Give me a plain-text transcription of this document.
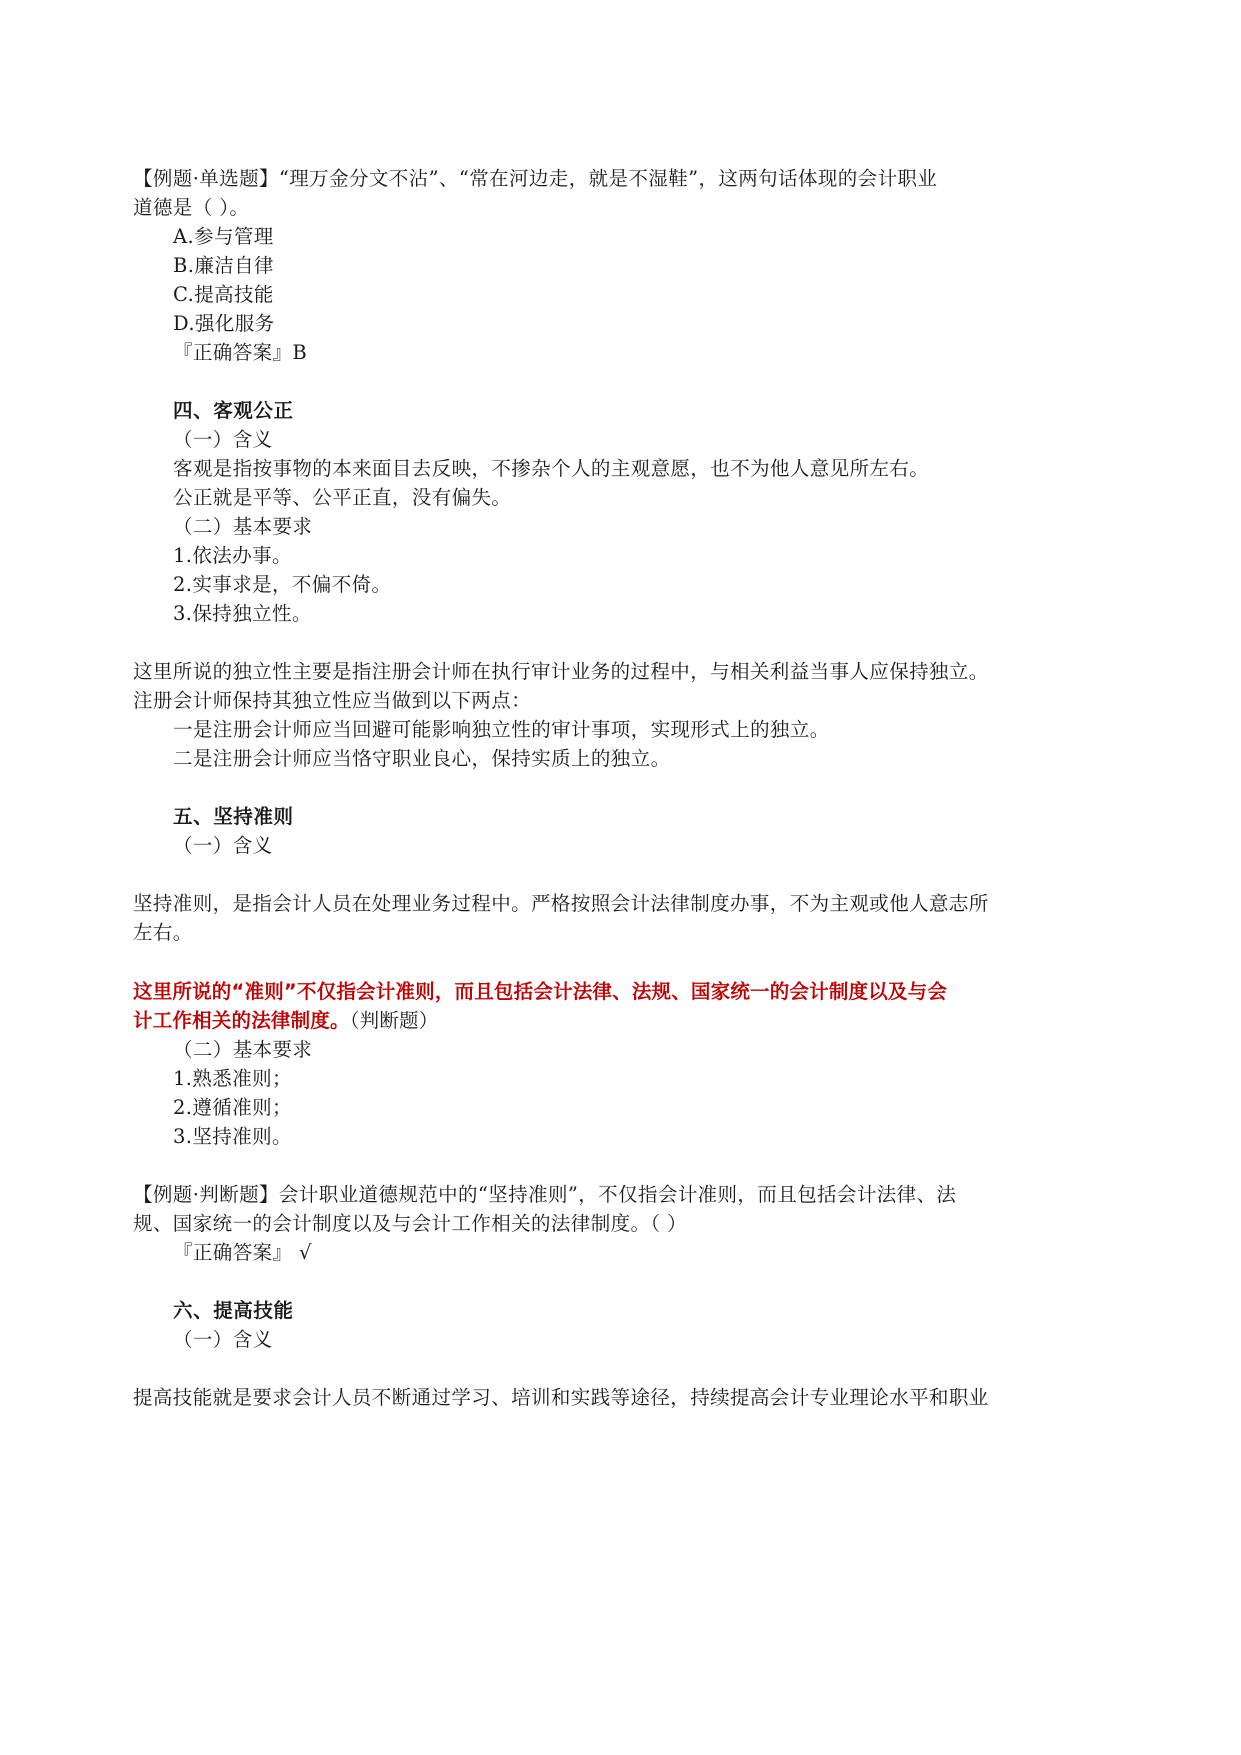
【例题·单选题】“理万金分文不沾”、“常在河边走，就是不湿鞋”，这两句话体现的会计职业
道德是（ ）。
A.参与管理
B.廉洁自律
C.提高技能
D.强化服务
『正确答案』B
四、客观公正
（一）含义
客观是指按事物的本来面目去反映，不掺杂个人的主观意愿，也不为他人意见所左右。
公正就是平等、公平正直，没有偏失。
（二）基本要求
1.依法办事。
2.实事求是，不偏不倚。
3.保持独立性。
这里所说的独立性主要是指注册会计师在执行审计业务的过程中，与相关利益当事人应保持独立。
注册会计师保持其独立性应当做到以下两点：
一是注册会计师应当回避可能影响独立性的审计事项，实现形式上的独立。
二是注册会计师应当恪守职业良心，保持实质上的独立。
五、坚持准则
（一）含义
坚持准则，是指会计人员在处理业务过程中。严格按照会计法律制度办事，不为主观或他人意志所
左右。
这里所说的“准则”不仅指会计准则，而且包括会计法律、法规、国家统一的会计制度以及与会
计工作相关的法律制度。（判断题）
（二）基本要求
1.熟悉准则；
2.遵循准则；
3.坚持准则。
【例题·判断题】会计职业道德规范中的“坚持准则”，不仅指会计准则，而且包括会计法律、法
规、国家统一的会计制度以及与会计工作相关的法律制度。（ ）
『正确答案』 √
六、提高技能
（一）含义
提高技能就是要求会计人员不断通过学习、培训和实践等途径，持续提高会计专业理论水平和职业
